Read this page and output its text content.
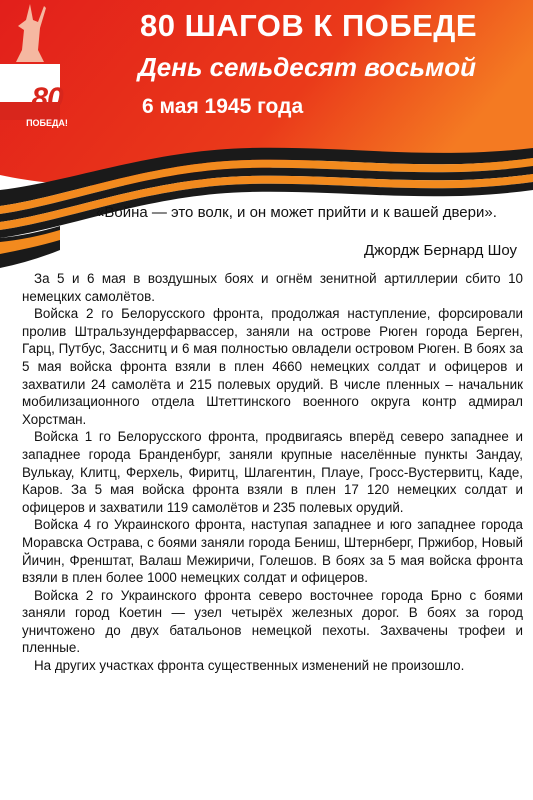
80
ПОБЕДА!
80 ШАГОВ К ПОБЕДЕ
День семьдесят восьмой
6 мая 1945 года
«Война — это волк, и он может прийти и к вашей двери».
Джордж Бернард Шоу

За 5 и 6 мая в воздушных боях и огнём зенитной артиллерии сбито 10 немецких самолётов.

Войска 2 го Белорусского фронта, продолжая наступление, форсировали пролив Штральзундерфарвассер, заняли на острове Рюген города Берген, Гарц, Путбус, Засснитц и 6 мая полностью овладели островом Рюген. В боях за 5 мая войска фронта взяли в плен 4660 немецких солдат и офицеров и захватили 24 самолёта и 215 полевых орудий. В числе пленных – начальник мобилизационного отдела Штеттинского военного округа контр адмирал Хорстман.

Войска 1 го Белорусского фронта, продвигаясь вперёд северо западнее и западнее города Бранденбург, заняли крупные населённые пункты Зандау, Вулькау, Клитц, Ферхель, Фиритц, Шлагентин, Плауе, Гросс-Вустервитц, Каде, Каров. За 5 мая войска фронта взяли в плен 17 120 немецких солдат и офицеров и захватили 119 самолётов и 235 полевых орудий.

Войска 4 го Украинского фронта, наступая западнее и юго западнее города Моравска Острава, с боями заняли города Бениш, Штернберг, Пржибор, Новый Йичин, Френштат, Валаш Межиричи, Голешов. В боях за 5 мая войска фронта взяли в плен более 1000 немецких солдат и офицеров.

Войска 2 го Украинского фронта северо восточнее города Брно с боями заняли город Коетин — узел четырёх железных дорог. В боях за город уничтожено до двух батальонов немецкой пехоты. Захвачены трофеи и пленные.

На других участках фронта существенных изменений не произошло.
